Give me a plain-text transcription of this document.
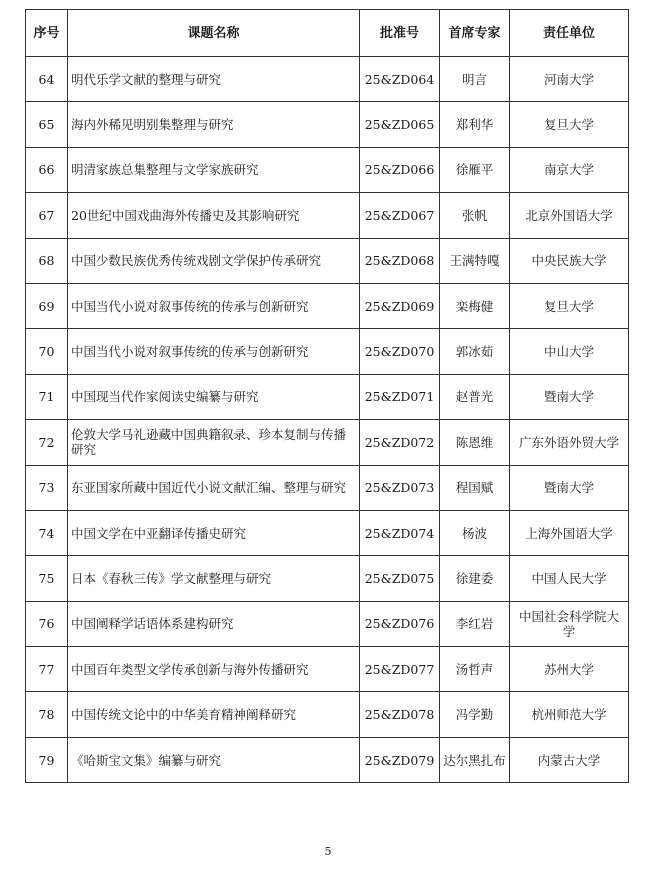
序号	课题名称	批准号	首席专家	责任单位
64	明代乐学文献的整理与研究	25&ZD064	明言	河南大学
65	海内外稀见明别集整理与研究	25&ZD065	郑利华	复旦大学
66	明清家族总集整理与文学家族研究	25&ZD066	徐雁平	南京大学
67	20世纪中国戏曲海外传播史及其影响研究	25&ZD067	张帆	北京外国语大学
68	中国少数民族优秀传统戏剧文学保护传承研究	25&ZD068	王满特嘎	中央民族大学
69	中国当代小说对叙事传统的传承与创新研究	25&ZD069	栾梅健	复旦大学
70	中国当代小说对叙事传统的传承与创新研究	25&ZD070	郭冰茹	中山大学
71	中国现当代作家阅读史编纂与研究	25&ZD071	赵普光	暨南大学
72	伦敦大学马礼逊藏中国典籍叙录、珍本复制与传播研究	25&ZD072	陈恩维	广东外语外贸大学
73	东亚国家所藏中国近代小说文献汇编、整理与研究	25&ZD073	程国赋	暨南大学
74	中国文学在中亚翻译传播史研究	25&ZD074	杨波	上海外国语大学
75	日本《春秋三传》学文献整理与研究	25&ZD075	徐建委	中国人民大学
76	中国阐释学话语体系建构研究	25&ZD076	李红岩	中国社会科学院大学
77	中国百年类型文学传承创新与海外传播研究	25&ZD077	汤哲声	苏州大学
78	中国传统文论中的中华美育精神阐释研究	25&ZD078	冯学勤	杭州师范大学
79	《哈斯宝文集》编纂与研究	25&ZD079	达尔黑扎布	内蒙古大学
5
